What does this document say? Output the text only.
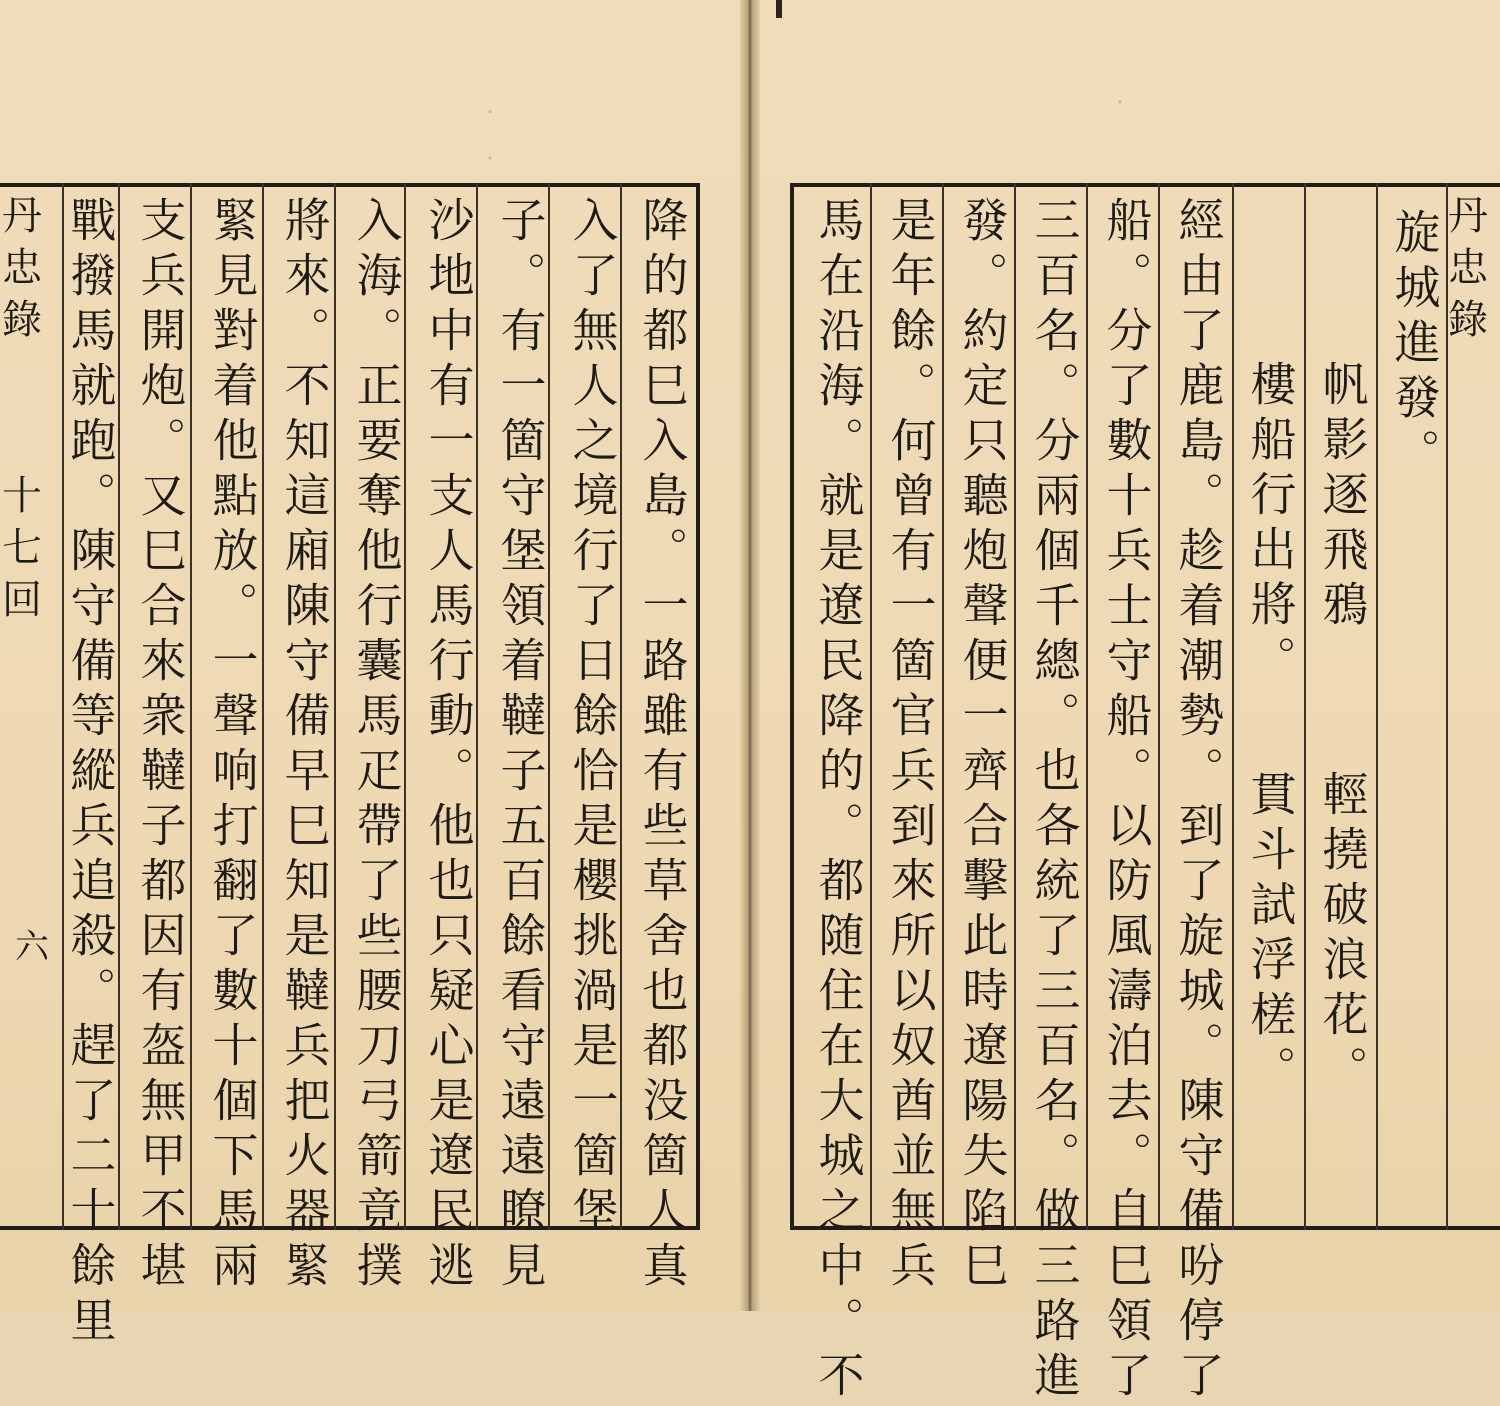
·
·
·
丹忠錄
十七回
六	降的都巳入島。一路雖有些草舍也都没箇人真
入了無人之境行了日餘恰是櫻挑渦是一箇堡
子。有一箇守堡領着韃子五百餘看守遠遠瞭見
沙地中有一支人馬行動。他也只疑心是遼民逃
入海。正要奪他行囊馬疋帶了些腰刀弓箭竟撲
將來。不知這廂陳守備早巳知是韃兵把火器緊
緊見對着他點放。一聲响打翻了數十個下馬兩
支兵開炮。又巳合來衆韃子都因有盔無甲不堪
戰撥馬就跑。陳守備等縱兵追殺。趕了二十餘里	丹忠錄
旋城進發。
帆影逐飛鴉
輕撓破浪花。
樓船行出將。
貫斗試浮槎。
經由了鹿島。趁着潮勢。到了旋城。陳守備吩停了
船。分了數十兵士守船。以防風濤泊去。自巳領了
三百名。分兩個千總。也各統了三百名。做三路進
發。約定只聽炮聲便一齊合擊此時遼陽失陷巳
是年餘。何曾有一箇官兵到來所以奴酋並無兵
馬在沿海。就是遼民降的。都随住在大城之中。不
